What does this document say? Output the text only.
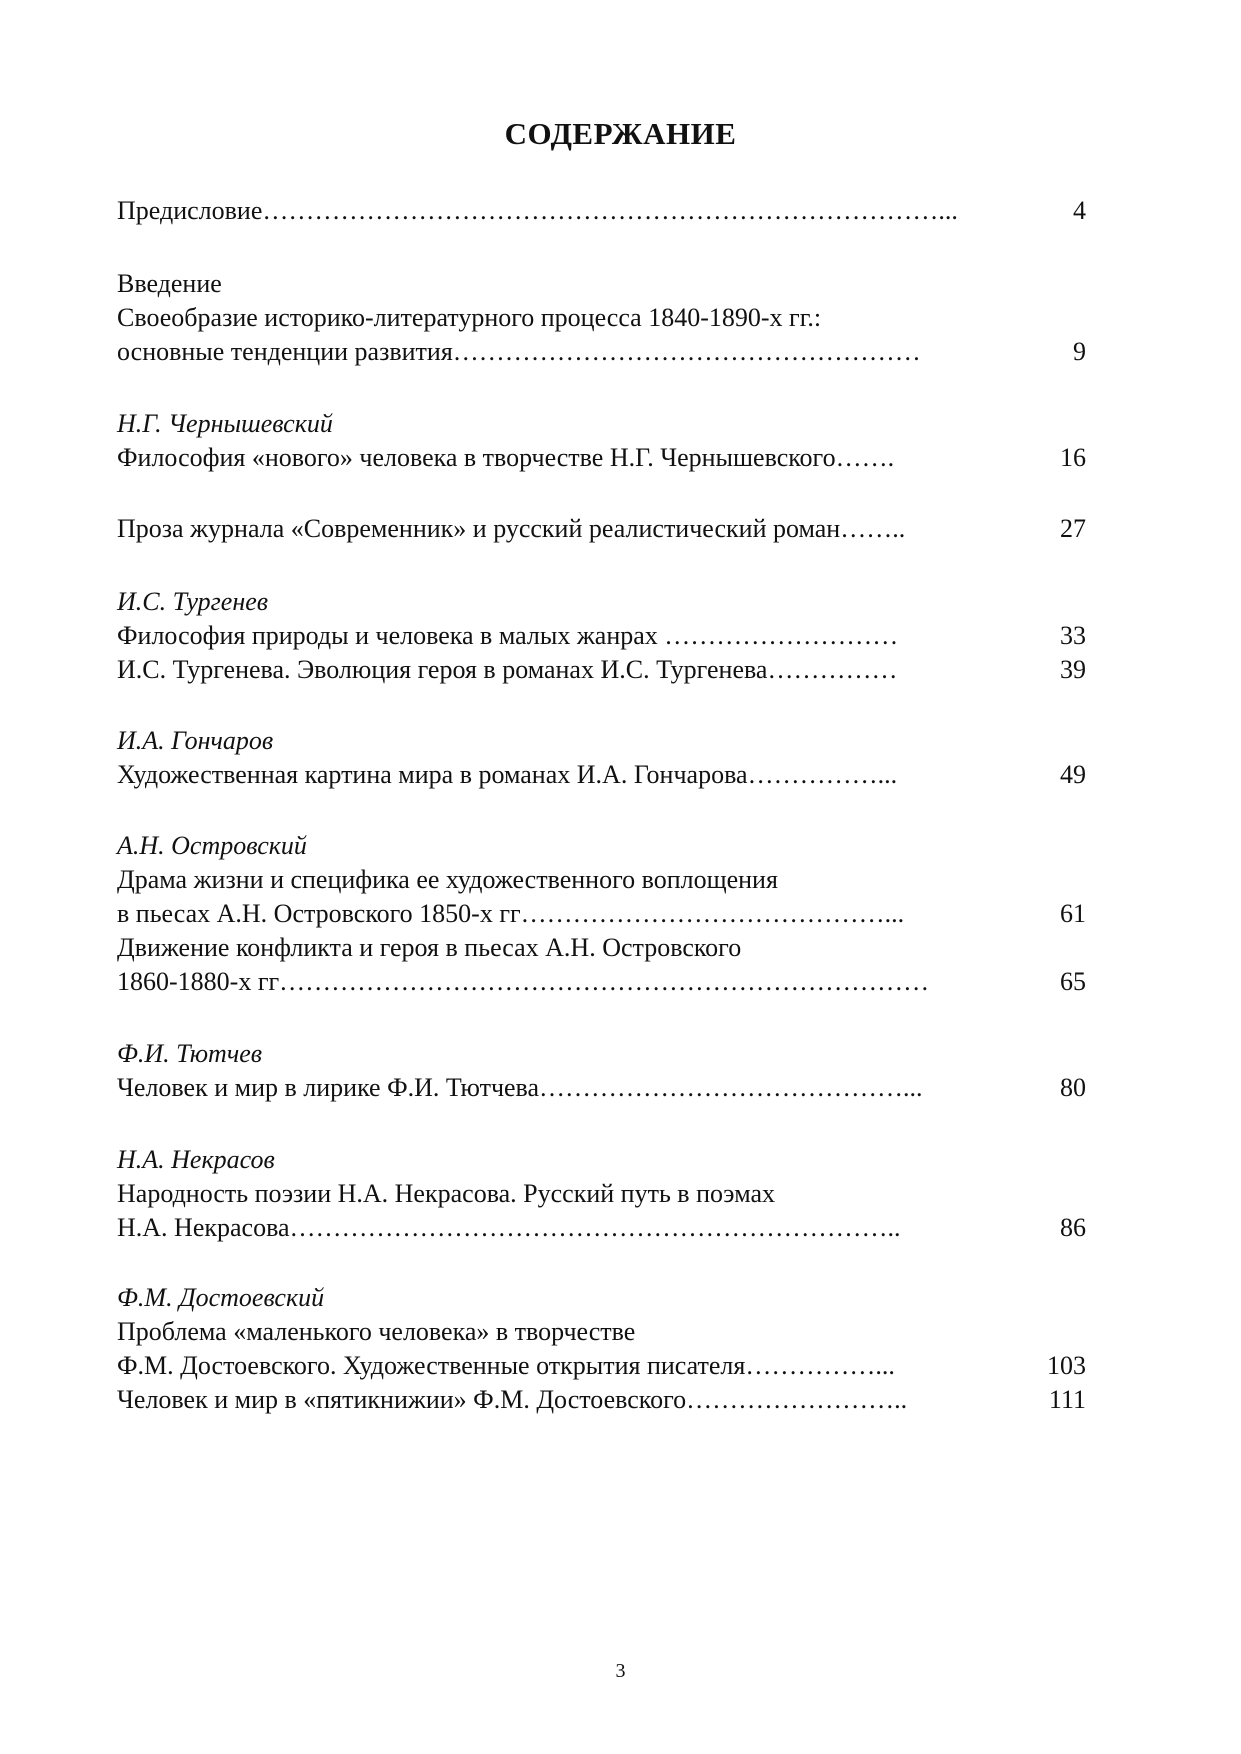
СОДЕРЖАНИЕ
Предисловие……………………………………………………………………...	4
Введение
Своеобразие историко-литературного процесса 1840-1890-х гг.:
основные тенденции развития………………………………………………	9
Н.Г. Чернышевский
Философия «нового» человека в творчестве Н.Г. Чернышевского…….	16
Проза журнала «Современник» и русский реалистический роман……..	27
И.С. Тургенев
Философия природы и человека в малых жанрах ………………………	33
И.С. Тургенева. Эволюция героя в романах И.С. Тургенева……………	39
И.А. Гончаров
Художественная картина мира в романах И.А. Гончарова……………...	49
А.Н. Островский
Драма жизни и специфика ее художественного воплощения
в пьесах А.Н. Островского 1850-х гг……………………………………...	61
Движение конфликта и героя в пьесах А.Н. Островского
1860-1880-х гг…………………………………………………………………	65
Ф.И. Тютчев
Человек и мир в лирике Ф.И. Тютчева……………………………………...	80
Н.А. Некрасов
Народность поэзии Н.А. Некрасова. Русский путь в поэмах
Н.А. Некрасова……………………………………………………………..	86
Ф.М. Достоевский
Проблема «маленького человека» в творчестве
Ф.М. Достоевского. Художественные открытия писателя……………...	103
Человек и мир в «пятикнижии» Ф.М. Достоевского……………………..	111
3
